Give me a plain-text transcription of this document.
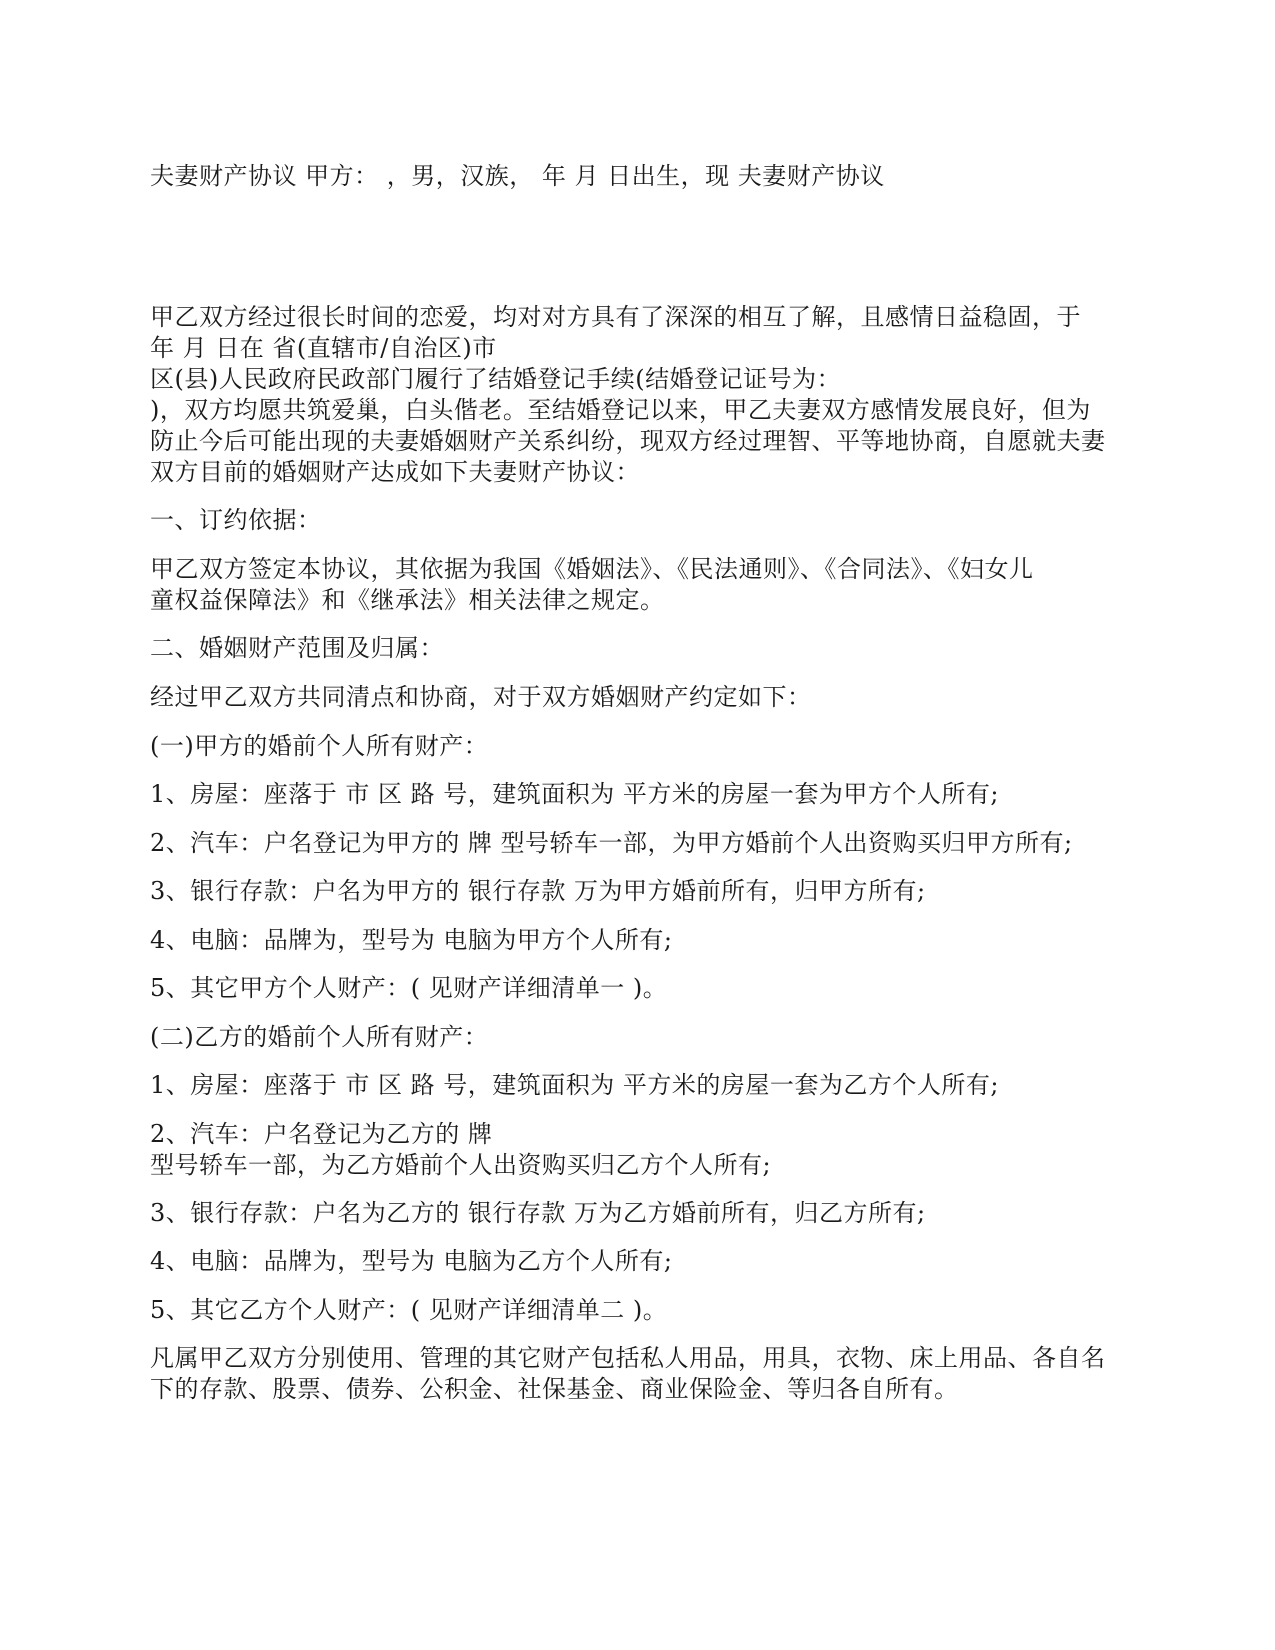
夫妻财产协议 甲方： ，男，汉族， 年 月 日出生，现 夫妻财产协议
甲乙双方经过很长时间的恋爱，均对对方具有了深深的相互了解，且感情日益稳固，于
年 月 日在 省(直辖市/自治区)市
区(县)人民政府民政部门履行了结婚登记手续(结婚登记证号为：
)，双方均愿共筑爱巢，白头偕老。至结婚登记以来，甲乙夫妻双方感情发展良好，但为
防止今后可能出现的夫妻婚姻财产关系纠纷，现双方经过理智、平等地协商，自愿就夫妻
双方目前的婚姻财产达成如下夫妻财产协议：
一、订约依据：
甲乙双方签定本协议，其依据为我国《婚姻法》、《民法通则》、《合同法》、《妇女儿
童权益保障法》和《继承法》相关法律之规定。
二、婚姻财产范围及归属：
经过甲乙双方共同清点和协商，对于双方婚姻财产约定如下：
(一)甲方的婚前个人所有财产：
1、房屋：座落于 市 区 路 号，建筑面积为 平方米的房屋一套为甲方个人所有;
2、汽车：户名登记为甲方的 牌 型号轿车一部，为甲方婚前个人出资购买归甲方所有;
3、银行存款：户名为甲方的 银行存款 万为甲方婚前所有，归甲方所有;
4、电脑：品牌为，型号为 电脑为甲方个人所有;
5、其它甲方个人财产：( 见财产详细清单一 )。
(二)乙方的婚前个人所有财产：
1、房屋：座落于 市 区 路 号，建筑面积为 平方米的房屋一套为乙方个人所有;
2、汽车：户名登记为乙方的 牌
型号轿车一部，为乙方婚前个人出资购买归乙方个人所有;
3、银行存款：户名为乙方的 银行存款 万为乙方婚前所有，归乙方所有;
4、电脑：品牌为，型号为 电脑为乙方个人所有;
5、其它乙方个人财产：( 见财产详细清单二 )。
凡属甲乙双方分别使用、管理的其它财产包括私人用品，用具，衣物、床上用品、各自名
下的存款、股票、债券、公积金、社保基金、商业保险金、等归各自所有。
